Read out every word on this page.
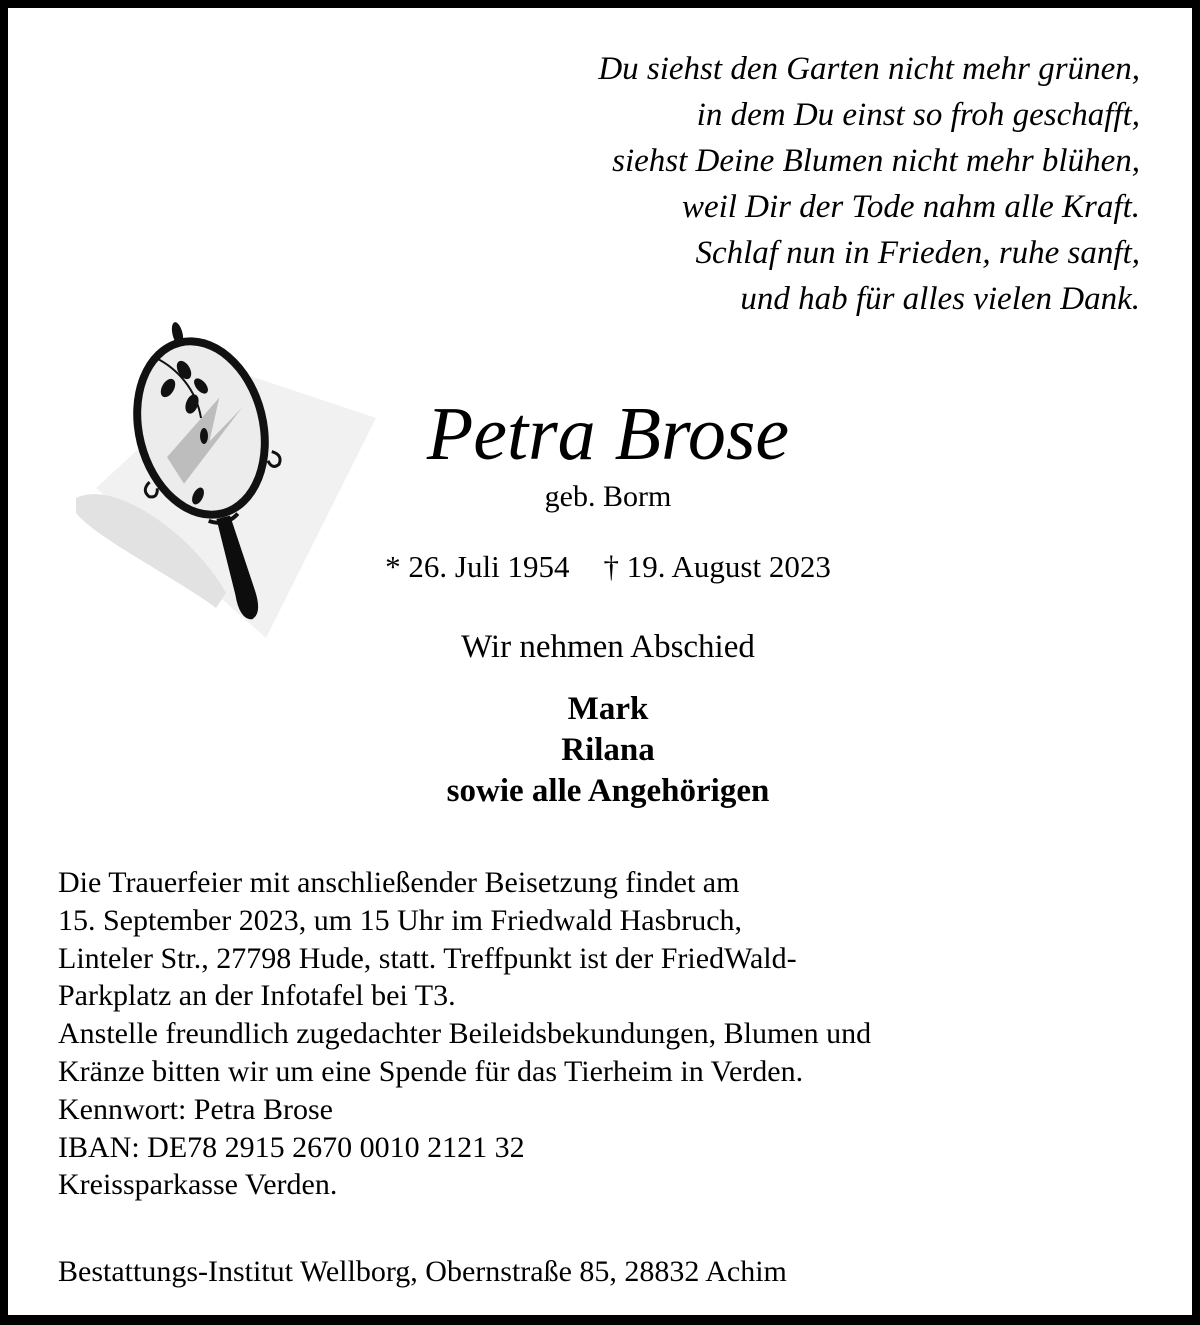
Du siehst den Garten nicht mehr grünen,
in dem Du einst so froh geschafft,
siehst Deine Blumen nicht mehr blühen,
weil Dir der Tode nahm alle Kraft.
Schlaf nun in Frieden, ruhe sanft,
und hab für alles vielen Dank.
Petra Brose
geb. Borm
* 26. Juli 1954 † 19. August 2023
Wir nehmen Abschied
Mark
Rilana
sowie alle Angehörigen
Die Trauerfeier mit anschließender Beisetzung findet am
15. September 2023, um 15 Uhr im Friedwald Hasbruch,
Linteler Str., 27798 Hude, statt. Treffpunkt ist der FriedWald-
Parkplatz an der Infotafel bei T3.
Anstelle freundlich zugedachter Beileidsbekundungen, Blumen und
Kränze bitten wir um eine Spende für das Tierheim in Verden.
Kennwort: Petra Brose
IBAN: DE78 2915 2670 0010 2121 32
Kreissparkasse Verden.
Bestattungs-Institut Wellborg, Obernstraße 85, 28832 Achim
